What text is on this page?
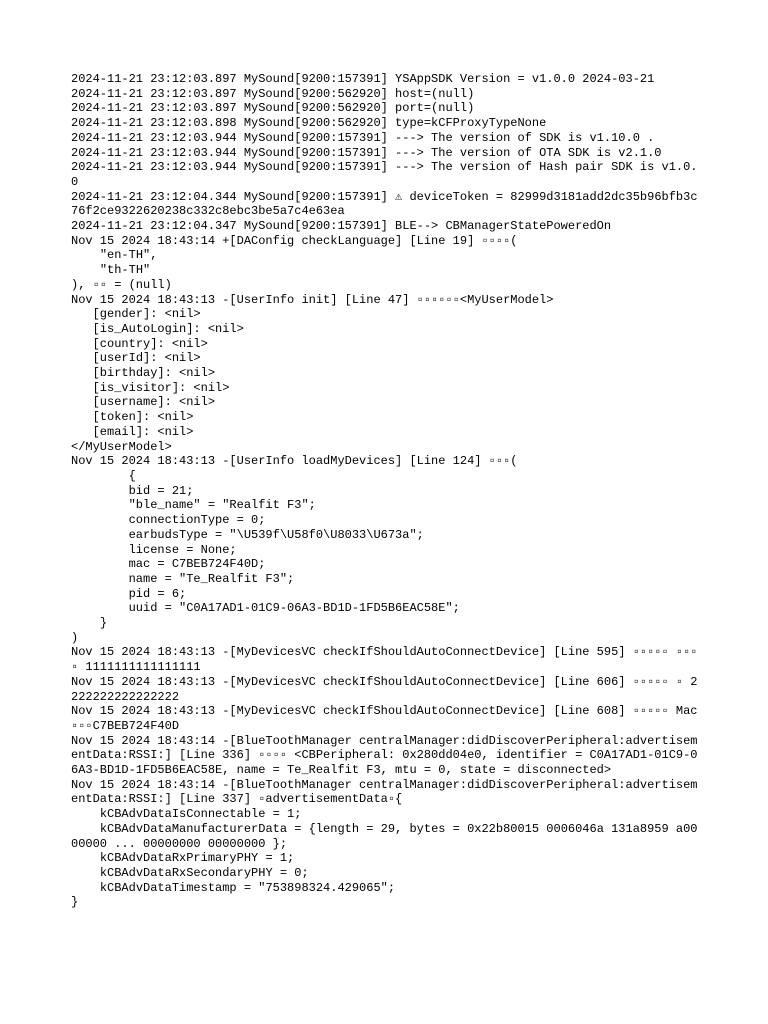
2024-11-21 23:12:03.897 MySound[9200:157391] YSAppSDK Version = v1.0.0 2024-03-21

2024-11-21 23:12:03.897 MySound[9200:562920] host=(null)

2024-11-21 23:12:03.897 MySound[9200:562920] port=(null)

2024-11-21 23:12:03.898 MySound[9200:562920] type=kCFProxyTypeNone

2024-11-21 23:12:03.944 MySound[9200:157391] ---> The version of SDK is v1.10.0 .

2024-11-21 23:12:03.944 MySound[9200:157391] ---> The version of OTA SDK is v2.1.0

2024-11-21 23:12:03.944 MySound[9200:157391] ---> The version of Hash pair SDK is v1.0.0

2024-11-21 23:12:04.344 MySound[9200:157391] ⚠ deviceToken = 82999d3181add2dc35b96bfb3c76f2ce9322620238c332c8ebc3be5a7c4e63ea

2024-11-21 23:12:04.347 MySound[9200:157391] BLE--> CBManagerStatePoweredOn

Nov 15 2024 18:43:14 +[DAConfig checkLanguage] [Line 19] ▫▫▫▫(

"en-TH",

"th-TH"

), ▫▫ = (null)

Nov 15 2024 18:43:13 -[UserInfo init] [Line 47] ▫▫▫▫▫▫<MyUserModel>

[gender]: <nil>

[is_AutoLogin]: <nil>

[country]: <nil>

[userId]: <nil>

[birthday]: <nil>

[is_visitor]: <nil>

[username]: <nil>

[token]: <nil>

[email]: <nil>

</MyUserModel>

Nov 15 2024 18:43:13 -[UserInfo loadMyDevices] [Line 124] ▫▫▫(

{

bid = 21;

"ble_name" = "Realfit F3";

connectionType = 0;

earbudsType = "\U539f\U58f0\U8033\U673a";

license = None;

mac = C7BEB724F40D;

name = "Te_Realfit F3";

pid = 6;

uuid = "C0A17AD1-01C9-06A3-BD1D-1FD5B6EAC58E";

}

)

Nov 15 2024 18:43:13 -[MyDevicesVC checkIfShouldAutoConnectDevice] [Line 595] ▫▫▫▫▫ ▫▫▫▫ 1111111111111111

Nov 15 2024 18:43:13 -[MyDevicesVC checkIfShouldAutoConnectDevice] [Line 606] ▫▫▫▫▫ ▫ 2222222222222222

Nov 15 2024 18:43:13 -[MyDevicesVC checkIfShouldAutoConnectDevice] [Line 608] ▫▫▫▫▫ Mac▫▫▫C7BEB724F40D

Nov 15 2024 18:43:14 -[BlueToothManager centralManager:didDiscoverPeripheral:advertisementData:RSSI:] [Line 336] ▫▫▫▫ <CBPeripheral: 0x280dd04e0, identifier = C0A17AD1-01C9-06A3-BD1D-1FD5B6EAC58E, name = Te_Realfit F3, mtu = 0, state = disconnected>

Nov 15 2024 18:43:14 -[BlueToothManager centralManager:didDiscoverPeripheral:advertisementData:RSSI:] [Line 337] ▫advertisementData▫{

kCBAdvDataIsConnectable = 1;

kCBAdvDataManufacturerData = {length = 29, bytes = 0x22b80015 0006046a 131a8959 a0000000 ... 00000000 00000000 };

kCBAdvDataRxPrimaryPHY = 1;

kCBAdvDataRxSecondaryPHY = 0;

kCBAdvDataTimestamp = "753898324.429065";

}
